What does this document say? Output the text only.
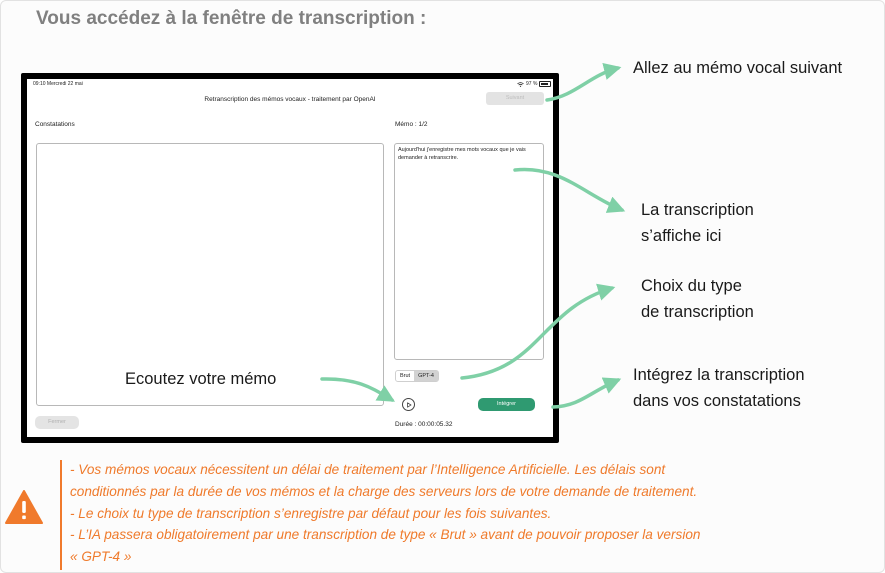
Vous accédez à la fenêtre de transcription :
09:10 Mercredi 22 mai	97 %
Retranscription des mémos vocaux - traitement par OpenAI	Suivant
Constatations	Mémo : 1/2
Aujourd'hui j'enregistre mes mots vocaux que je vais demander à retranscrire.
Brut	GPT-4
Intégrer
Fermer	Durée : 00:00:05.32
Allez au mémo vocal suivant
La transcription
s’affiche ici
Choix du type
de transcription
Ecoutez votre mémo	Intégrez la transcription
dans vos constatations

- Vos mémos vocaux nécessitent un délai de traitement par l’Intelligence Artificielle. Les délais sont

conditionnés par la durée de vos mémos et la charge des serveurs lors de votre demande de traitement.

- Le choix tu type de transcription s’enregistre par défaut pour les fois suivantes.

- L’IA passera obligatoirement par une transcription de type « Brut » avant de pouvoir proposer la version

« GPT-4 »
